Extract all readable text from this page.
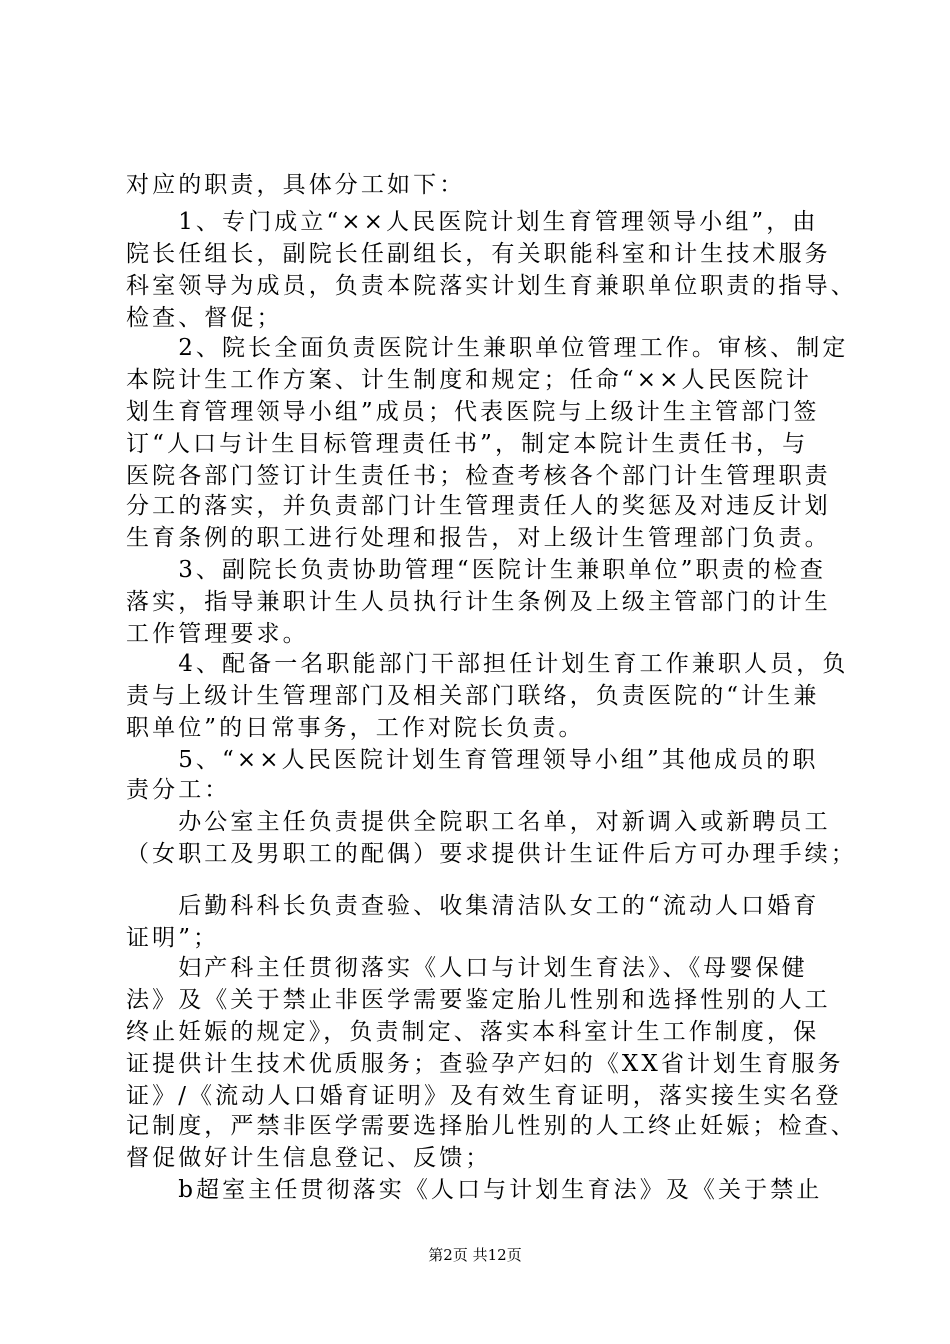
对应的职责，具体分工如下：
　　1、专门成立“××人民医院计划生育管理领导小组”，由
院长任组长，副院长任副组长，有关职能科室和计生技术服务
科室领导为成员，负责本院落实计划生育兼职单位职责的指导、
检查、督促；
　　2、院长全面负责医院计生兼职单位管理工作。审核、制定
本院计生工作方案、计生制度和规定；任命“××人民医院计
划生育管理领导小组”成员；代表医院与上级计生主管部门签
订“人口与计生目标管理责任书”，制定本院计生责任书，与
医院各部门签订计生责任书；检查考核各个部门计生管理职责
分工的落实，并负责部门计生管理责任人的奖惩及对违反计划
生育条例的职工进行处理和报告，对上级计生管理部门负责。
　　3、副院长负责协助管理“医院计生兼职单位”职责的检查
落实，指导兼职计生人员执行计生条例及上级主管部门的计生
工作管理要求。
　　4、配备一名职能部门干部担任计划生育工作兼职人员，负
责与上级计生管理部门及相关部门联络，负责医院的“计生兼
职单位”的日常事务，工作对院长负责。
　　5、“××人民医院计划生育管理领导小组”其他成员的职
责分工：
　　办公室主任负责提供全院职工名单，对新调入或新聘员工
（女职工及男职工的配偶）要求提供计生证件后方可办理手续；
　　后勤科科长负责查验、收集清洁队女工的“流动人口婚育
证明”；
　　妇产科主任贯彻落实《人口与计划生育法》、《母婴保健
法》及《关于禁止非医学需要鉴定胎儿性别和选择性别的人工
终止妊娠的规定》，负责制定、落实本科室计生工作制度，保
证提供计生技术优质服务；查验孕产妇的《XX省计划生育服务
证》/《流动人口婚育证明》及有效生育证明，落实接生实名登
记制度，严禁非医学需要选择胎儿性别的人工终止妊娠；检查、
督促做好计生信息登记、反馈；
　　b超室主任贯彻落实《人口与计划生育法》及《关于禁止
第2页 共12页
